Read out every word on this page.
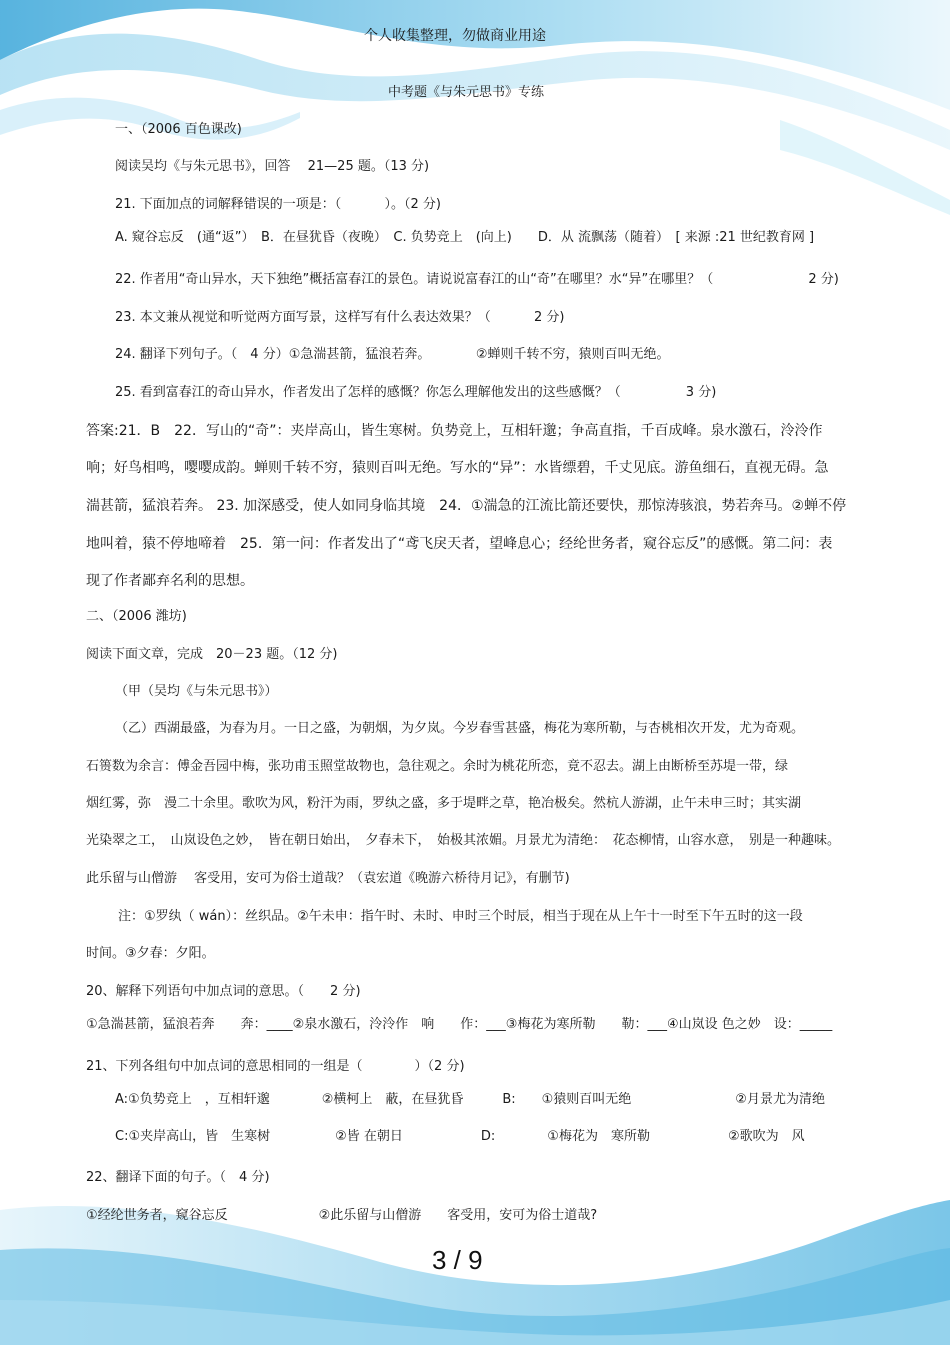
个人收集整理，勿做商业用途
中考题《与朱元思书》专练
一、（2006 百色课改)
阅读吴均《与朱元思书》，回答　 21—25 题。（13 分)
21. 下面加点的词解释错误的一项是：（　　　 ）。（2 分)
A. 窥谷忘反　(通“返”）　B．在昼犹昏（夜晚）　C. 负势竞上　(向上)　　D．从 流飘荡（随着）　[ 来源 :21 世纪教育网 ]
22. 作者用“奇山异水，天下独绝”概括富春江的景色。请说说富春江的山“奇”在哪里？水“异”在哪里？（　　　　　　　 2 分)
23. 本文兼从视觉和听觉两方面写景，这样写有什么表达效果？（　　　 2 分)
24. 翻译下列句子。（　4 分）①急湍甚箭，猛浪若奔。　　　　②蝉则千转不穷，猿则百叫无绝。
25. 看到富春江的奇山异水，作者发出了怎样的感慨？你怎么理解他发出的这些感慨？（　　　　　3 分)
答案:21．B　22．写山的“奇”：夹岸高山，皆生寒树。负势竞上，互相轩邈；争高直指，千百成峰。泉水激石，泠泠作
响；好鸟相鸣，嘤嘤成韵。蝉则千转不穷，猿则百叫无绝。写水的“异”：水皆缥碧，千丈见底。游鱼细石，直视无碍。急
湍甚箭，猛浪若奔。 23. 加深感受，使人如同身临其境　24．①湍急的江流比箭还要快，那惊涛骇浪，势若奔马。②蝉不停
地叫着，猿不停地啼着　25．第一问：作者发出了“鸢飞戾天者，望峰息心；经纶世务者，窥谷忘反”的感慨。第二问：表
现了作者鄙弃名利的思想。
二、（2006 潍坊)
阅读下面文章，完成　20－23 题。（12 分)
（甲（吴均《与朱元思书》）
（乙）西湖最盛，为春为月。一日之盛，为朝烟，为夕岚。今岁春雪甚盛，梅花为寒所勒，与杏桃相次开发，尤为奇观。
石篑数为余言：傅金吾园中梅，张功甫玉照堂故物也，急往观之。余时为桃花所恋，竟不忍去。湖上由断桥至苏堤一带，绿
烟红雾，弥　漫二十余里。歌吹为风，粉汗为雨，罗纨之盛，多于堤畔之草，艳冶极矣。然杭人游湖，止午未申三时；其实湖
光染翠之工，　山岚设色之妙，　皆在朝日始出，　夕春未下，　始极其浓媚。月景尤为清绝：　花态柳情，山容水意，　别是一种趣味。
此乐留与山僧游　 客受用，安可为俗士道哉？（袁宏道《晚游六桥待月记》，有删节)
注：①罗纨（ wán）：丝织品。②午未申：指午时、未时、申时三个时辰，相当于现在从上午十一时至下午五时的这一段
时间。③夕春：夕阳。
20、解释下列语句中加点词的意思。（　　2 分)
①急湍甚箭，猛浪若奔　　奔：____②泉水激石，泠泠作　响　　作：___③梅花为寒所勒　　勒：___④山岚设 色之妙　设：_____
21、下列各组句中加点词的意思相同的一组是（　　　　）（2 分)
A:①负势竞上　，互相轩邈　　　　②横柯上　蔽，在昼犹昏　　　B:　　①猿则百叫无绝　　　　　　　　②月景尤为清绝
C:①夹岸高山，皆　生寒树　　　　　②皆 在朝日　　　　　　D:　　　　①梅花为　寒所勒　　　　　　②歌吹为　风
22、翻译下面的句子。（　4 分)
①经纶世务者，窥谷忘反　　　　　　　②此乐留与山僧游　　客受用，安可为俗士道哉?
3 / 9
